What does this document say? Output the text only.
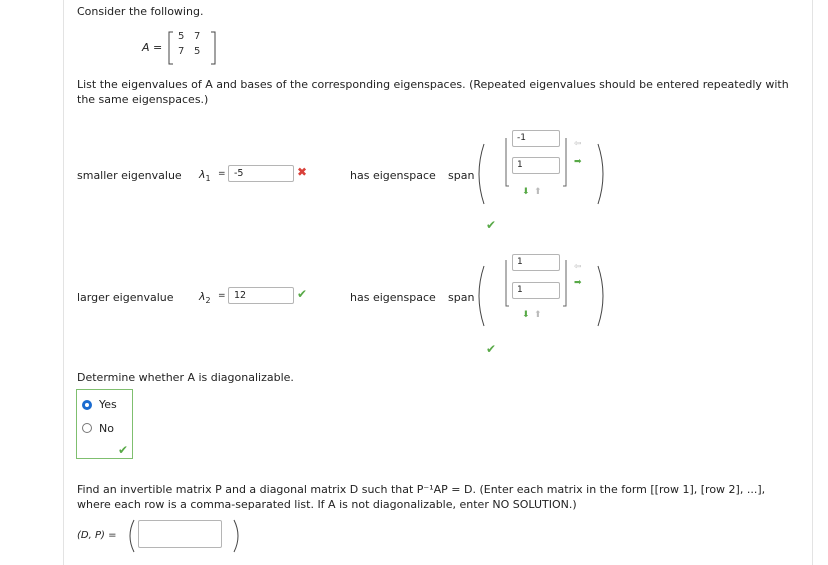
Consider the following.
A =
5 7
7 5
List the eigenvalues of A and bases of the corresponding eigenspaces. (Repeated eigenvalues should be entered repeatedly with the same eigenspaces.)
smaller eigenvalue $\lambda_1 = -5$	✖	has eigenspace span
-1
1
⇦
➡
⬇ ⬆
✔
larger eigenvalue $\lambda_2 = 12$	✔	has eigenspace span
1
1
⇦
➡
⬇ ⬆
✔
Determine whether A is diagonalizable.
Yes
No
✔
Find an invertible matrix P and a diagonal matrix D such that P⁻¹AP = D. (Enter each matrix in the form [[row 1], [row 2], ...], where each row is a comma-separated list. If A is not diagonalizable, enter NO SOLUTION.)
(D, P) =
